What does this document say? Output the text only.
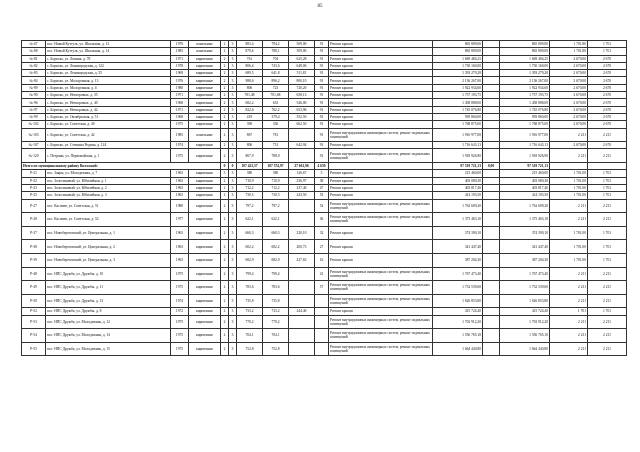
85
№-67	пос. Новый Куттуэк, ул. Школьная, д. 12	1976	панельные	2	3	883,4	794,2	509,00	91	Ремонт крыши	865 809,00		865 809,00	1 701,80	1 701
№-68	пос. Новый Куттуэк, ул. Школьная, д. 14	1983	панельные	2	3	879,6	788,1	509,00	91	Ремонт крыши	865 809,00		865 809,00	1 701,80	1 701
№-81	с. Бориско, ул. Ленина, д. 78	1971	кирпичные	2	3	761	704	625,28	91	Ремонт крыши	1 669 484,25		1 669 484,25	2 670,00	2 670
№-82	с. Бориско, ул. Ленинградская, д. 122	1978	кирпичные	2	3	806,4	743,6	648,06	91	Ремонт крыши	1 730 160,00		1 730 160,00	2 670,00	2 670
№-83	с. Бориско, ул. Ленинградская, д. 55	1969	кирпичные	2	3	689,5	641,8	511,81	91	Ремонт крыши	1 393 279,28		1 393 279,28	2 670,00	2 670
№-84	с. Бориско, ул. Молодежная, д. 13	1976	кирпичные	2	3	988,6	896,2	800,10	91	Ремонт крыши	2 136 267,00		2 136 267,00	2 670,00	2 670
№-89	с. Бориско, ул. Молодежная, д. 4	1980	кирпичные	2	3	806	723	720,20	91	Ремонт крыши	1 922 934,60		1 922 934,60	2 670,00	2 670
№-90	с. Бориско, ул. Невзоровых, д. 35	1971	кирпичные	2	3	781,48	701,68	658,13	91	Ремонт крыши	1 757 193,75		1 757 193,75	2 670,00	2 670
№-96	с. Бориско, ул. Невзоровых, д. 40	1968	кирпичные	2	3	682,2	633	546,00	91	Ремонт крыши	1 458 888,00		1 458 888,00	2 670,00	2 670
№-97	с. Бориско, ул. Невзоровых, д. 42	1971	кирпичные	2	3	822,6	762,2	653,96	91	Ремонт крыши	1 745 076,80		1 745 076,80	2 670,00	2 670
№-99	с. Бориско, ул. Октябрьская, д. 51	1968	кирпичные	2	3	419	379,4	352,50	91	Ремонт крыши	939 860,00		939 860,00	2 670,00	2 670
№-102	с. Бориско, ул. Советская, д. 40	1975	кирпичные	2	3	390	356	662,50	91	Ремонт крыши	1 768 875,00		1 768 875,00	2 670,00	2 670
№-103	с. Бориско, ул. Советская, д. 42	1985	панельные	2	3	867	781		91	Ремонт внутридомовых инженерных систем, ремонт подвальных помещений	1 916 977,00		1 916 977,00	2 211	2 211
№-107	с. Бориско, ул. Стешина Родина, д. 124	1974	кирпичные	2	3	806	731	642,94	91	Ремонт крыши	1 716 643,13		1 716 643,13	2 670,00	2 670
№-120	с. Петрани, ул. Первомайская, д. 1	1975	кирпичные	2	3	867,9	788,9		91	Ремонт внутридомовых инженерных систем, ремонт подвальных помещений	1 918 926,90		1 918 926,90	2 211	2 211
Итого по муниципальному району Волжский:				0	0	107 423,57	107 374,97	27 661,96	4 659		97 519 721,13	0,00	97 519 721,13		
Р-21	пос. Заяры, ул. Молодежная, д. 7	1963	кирпичные	3	3	380	380	126,67	5	Ремонт крыши	215 460,00		215 460,00	1 701,00	1 701
Р-22	пос. Золотиновый, ул. Юбилейная, д. 1	1963	кирпичные	2	3	710,9	710,9	236,97	38	Ремонт крыши	403 080,30		403 080,30	1 701,00	1 701
Р-23	пос. Золотиновый, ул. Юбилейная, д. 2	1963	кирпичные	2	3	712,2	712,2	237,40	47	Ремонт крыши	403 817,40		403 817,40	1 701,00	1 701
Р-25	пос. Золотиновый, ул. Юбилейная, д. 3	1963	кирпичные	2	3	730,5	730,5	243,50	53	Ремонт крыши	414 193,50		414 193,50	1 701,00	1 701
Р-27	пос. Каспиев, ул. Советская, д. 51	1980	кирпичные	2	3	797,2	797,2		52	Ремонт внутридомовых инженерных систем, ремонт подвальных помещений	1 762 609,20		1 762 609,20	2 211	2 211
Р-28	пос. Каспиев, ул. Советская, д. 52	1977	кирпичные	2	3	622,1	622,1		36	Ремонт внутридомовых инженерных систем, ремонт подвальных помещений	1 375 463,10		1 375 463,10	2 211	2 211
Р-37	пос. Новоберезовский, ул. Центральная, д. 1	1963	кирпичные	2	3	660,3	660,3	220,10	32	Ремонт крыши	374 390,10		374 390,10	1 701,00	1 701
Р-38	пос. Новоберезовский, ул. Центральная, д. 2	1963	кирпичные	2	3	602,2	602,2	200,73	27	Ремонт крыши	341 447,40		341 447,40	1 701,00	1 701
Р-39	пос. Новоберезовский, ул. Центральная, д. 3	1963	кирпичные	2	3	682,9	682,9	227,63	16	Ремонт крыши	387 204,30		387 204,30	1 701,00	1 701
Р-48	пос. НПС Дружба, ул. Дружбы, д. 10	1975	кирпичные	2	3	799,4	799,4		41	Ремонт внутридомовых инженерных систем, ремонт подвальных помещений	1 767 473,40		1 767 473,40	2 211	2 211
Р-49	пос. НПС Дружба, ул. Дружбы, д. 11	1975	кирпичные	2	3	783,6	783,6		57	Ремонт внутридомовых инженерных систем, ремонт подвальных помещений	1 732 539,60		1 732 539,60	2 211	2 211
Р-50	пос. НПС Дружба, ул. Дружбы, д. 13	1974	кирпичные	2	3	735,8	735,8			Ремонт внутридомовых инженерных систем, ремонт подвальных помещений	1 626 853,80		1 626 853,80	2 211	2 211
Р-52	пос. НПС Дружба, ул. Дружбы, д. 8	1972	кирпичные	2	3	733,2	733,2	244,40		Ремонт крыши	415 724,40		415 724,40	1 701	1 701
Р-53	пос. НПС Дружба, ул. Молодежная, д. 12	1975	кирпичные	2	3	770,2	770,2			Ремонт внутридомовых инженерных систем, ремонт подвальных помещений	1 702 912,20		1 702 912,20	2 211	2 211
Р-54	пос. НПС Дружба, ул. Молодежная, д. 14	1975	кирпичные	2	3	704,1	704,1			Ремонт внутридомовых инженерных систем, ремонт подвальных помещений	1 556 765,10		1 556 765,10	2 211	2 211
Р-55	пос. НПС Дружба, ул. Молодежная, д. 15	1975	кирпичные	2	3	752,8	752,8			Ремонт внутридомовых инженерных систем, ремонт подвальных помещений	1 664 440,80		1 664 440,80	2 211	2 211
